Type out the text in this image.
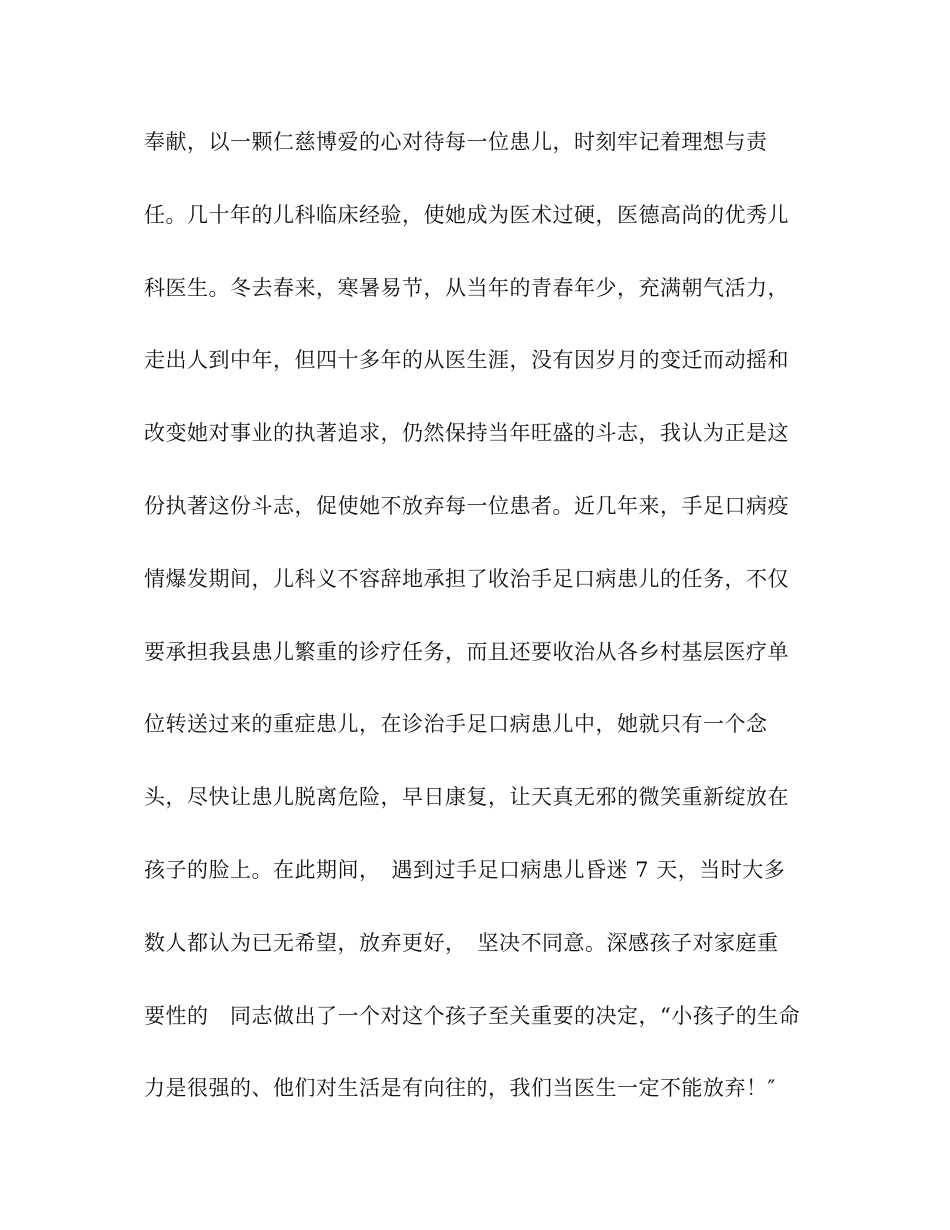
奉献，以一颗仁慈博爱的心对待每一位患儿，时刻牢记着理想与责
任。几十年的儿科临床经验，使她成为医术过硬，医德高尚的优秀儿
科医生。冬去春来，寒暑易节，从当年的青春年少，充满朝气活力，
走出人到中年，但四十多年的从医生涯，没有因岁月的变迁而动摇和
改变她对事业的执著追求，仍然保持当年旺盛的斗志，我认为正是这
份执著这份斗志，促使她不放弃每一位患者。近几年来，手足口病疫
情爆发期间，儿科义不容辞地承担了收治手足口病患儿的任务，不仅
要承担我县患儿繁重的诊疗任务，而且还要收治从各乡村基层医疗单
位转送过来的重症患儿，在诊治手足口病患儿中，她就只有一个念
头，尽快让患儿脱离危险，早日康复，让天真无邪的微笑重新绽放在
孩子的脸上。在此期间，　遇到过手足口病患儿昏迷 7 天，当时大多
数人都认为已无希望，放弃更好，　坚决不同意。深感孩子对家庭重
要性的　同志做出了一个对这个孩子至关重要的决定，“小孩子的生命
力是很强的、他们对生活是有向往的，我们当医生一定不能放弃！″
